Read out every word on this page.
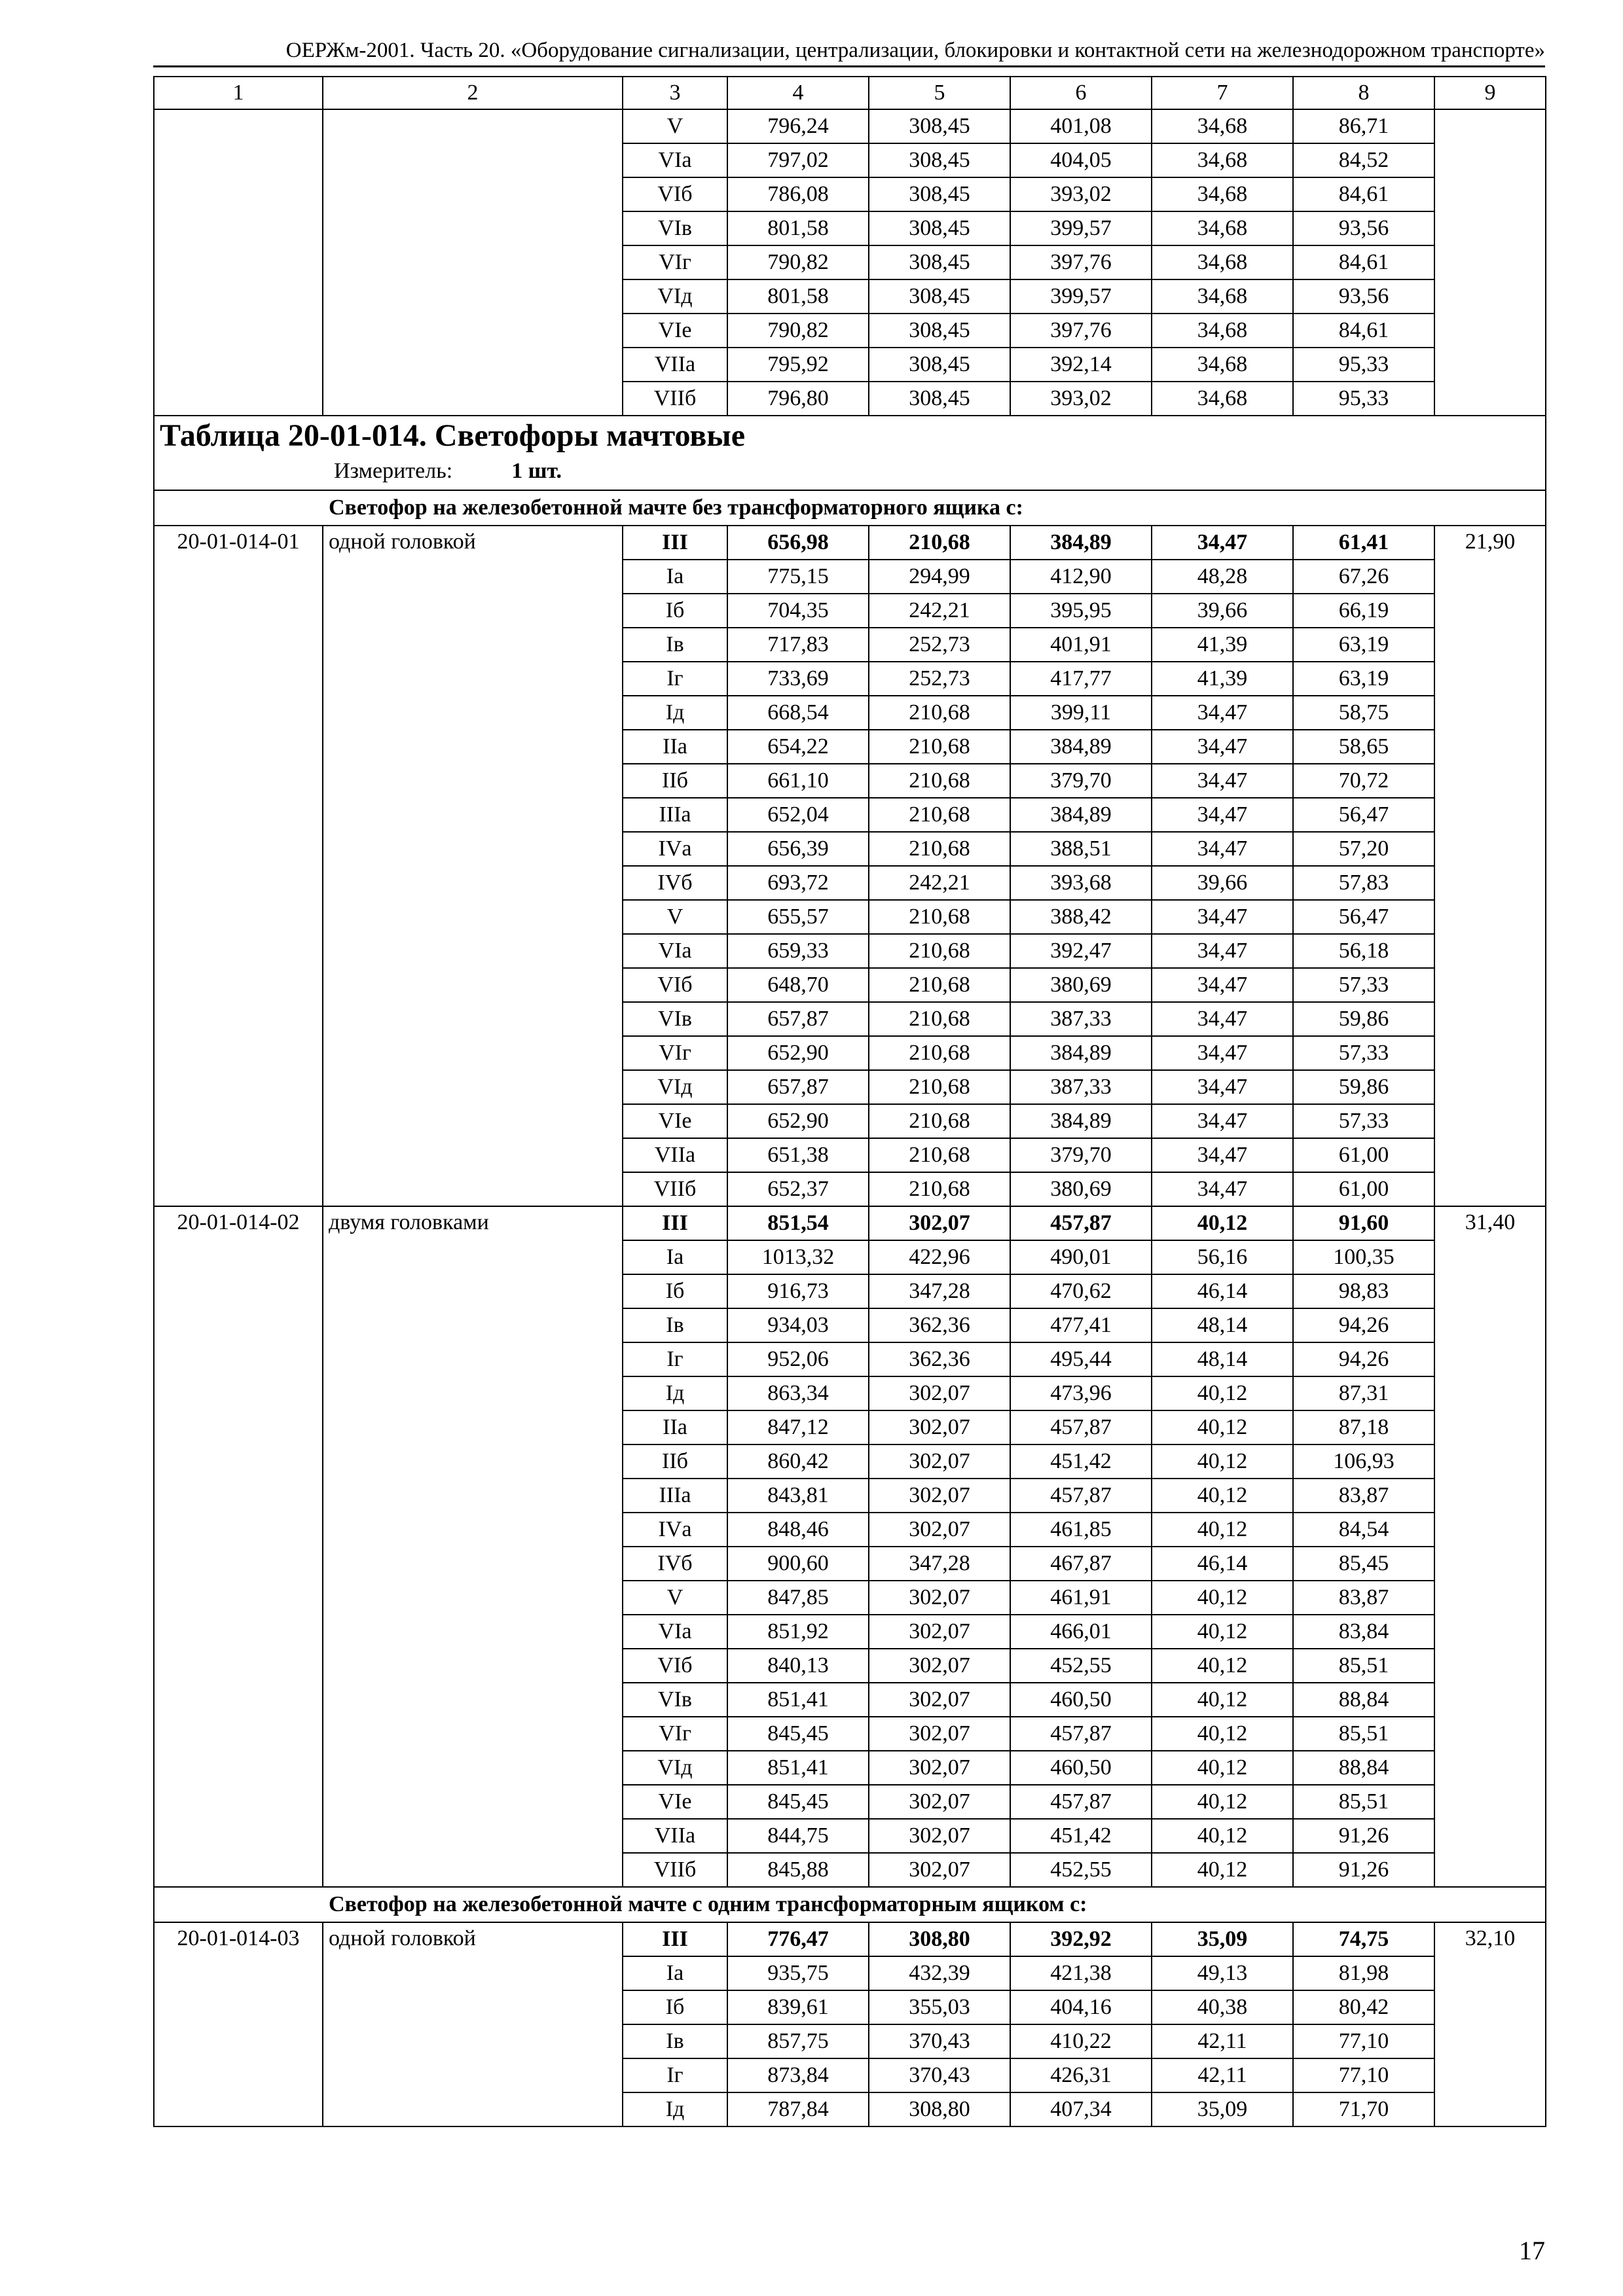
ОЕРЖм-2001. Часть 20. «Оборудование сигнализации, централизации, блокировки и контактной сети на железнодорожном транспорте»
1	2	3	4	5	6	7	8	9
		V	796,24	308,45	401,08	34,68	86,71	
		VIа	797,02	308,45	404,05	34,68	84,52	
		VIб	786,08	308,45	393,02	34,68	84,61	
		VIв	801,58	308,45	399,57	34,68	93,56	
		VIг	790,82	308,45	397,76	34,68	84,61	
		VIд	801,58	308,45	399,57	34,68	93,56	
		VIе	790,82	308,45	397,76	34,68	84,61	
		VIIа	795,92	308,45	392,14	34,68	95,33	
		VIIб	796,80	308,45	393,02	34,68	95,33	

Таблица 20-01-014. Светофоры мачтовые
Измеритель: 1 шт.								

Светофор на железобетонной мачте без трансформаторного ящика с:								
20-01-014-01	одной головкой	III	656,98	210,68	384,89	34,47	61,41	21,90
		Iа	775,15	294,99	412,90	48,28	67,26	
		Iб	704,35	242,21	395,95	39,66	66,19	
		Iв	717,83	252,73	401,91	41,39	63,19	
		Iг	733,69	252,73	417,77	41,39	63,19	
		Iд	668,54	210,68	399,11	34,47	58,75	
		IIа	654,22	210,68	384,89	34,47	58,65	
		IIб	661,10	210,68	379,70	34,47	70,72	
		IIIа	652,04	210,68	384,89	34,47	56,47	
		IVа	656,39	210,68	388,51	34,47	57,20	
		IVб	693,72	242,21	393,68	39,66	57,83	
		V	655,57	210,68	388,42	34,47	56,47	
		VIа	659,33	210,68	392,47	34,47	56,18	
		VIб	648,70	210,68	380,69	34,47	57,33	
		VIв	657,87	210,68	387,33	34,47	59,86	
		VIг	652,90	210,68	384,89	34,47	57,33	
		VIд	657,87	210,68	387,33	34,47	59,86	
		VIе	652,90	210,68	384,89	34,47	57,33	
		VIIа	651,38	210,68	379,70	34,47	61,00	
		VIIб	652,37	210,68	380,69	34,47	61,00	
20-01-014-02	двумя головками	III	851,54	302,07	457,87	40,12	91,60	31,40
		Iа	1013,32	422,96	490,01	56,16	100,35	
		Iб	916,73	347,28	470,62	46,14	98,83	
		Iв	934,03	362,36	477,41	48,14	94,26	
		Iг	952,06	362,36	495,44	48,14	94,26	
		Iд	863,34	302,07	473,96	40,12	87,31	
		IIа	847,12	302,07	457,87	40,12	87,18	
		IIб	860,42	302,07	451,42	40,12	106,93	
		IIIа	843,81	302,07	457,87	40,12	83,87	
		IVа	848,46	302,07	461,85	40,12	84,54	
		IVб	900,60	347,28	467,87	46,14	85,45	
		V	847,85	302,07	461,91	40,12	83,87	
		VIа	851,92	302,07	466,01	40,12	83,84	
		VIб	840,13	302,07	452,55	40,12	85,51	
		VIв	851,41	302,07	460,50	40,12	88,84	
		VIг	845,45	302,07	457,87	40,12	85,51	
		VIд	851,41	302,07	460,50	40,12	88,84	
		VIе	845,45	302,07	457,87	40,12	85,51	
		VIIа	844,75	302,07	451,42	40,12	91,26	
		VIIб	845,88	302,07	452,55	40,12	91,26	
Светофор на железобетонной мачте с одним трансформаторным ящиком с:								
20-01-014-03	одной головкой	III	776,47	308,80	392,92	35,09	74,75	32,10
		Iа	935,75	432,39	421,38	49,13	81,98	
		Iб	839,61	355,03	404,16	40,38	80,42	
		Iв	857,75	370,43	410,22	42,11	77,10	
		Iг	873,84	370,43	426,31	42,11	77,10	
		Iд	787,84	308,80	407,34	35,09	71,70	
17
